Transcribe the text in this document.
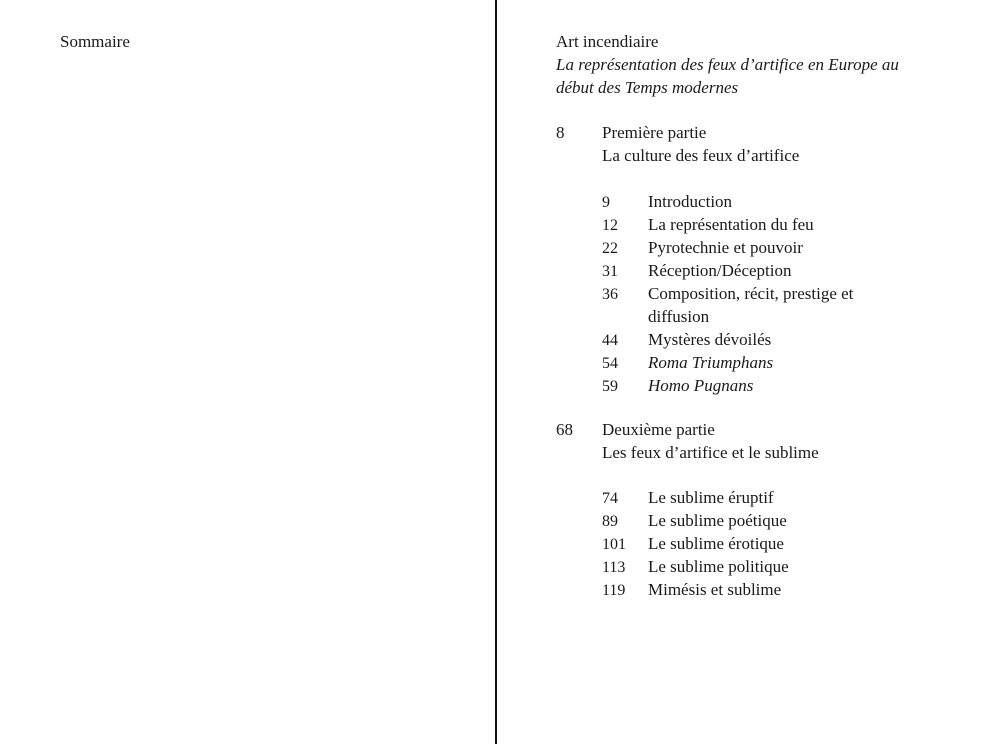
Sommaire	Art incendiaire
La représentation des feux d’artifice en Europe au début des Temps modernes
8 Première partie
La culture des feux d’artifice
9 Introduction
12 La représentation du feu
22 Pyrotechnie et pouvoir
31 Réception/Déception
36 Composition, récit, prestige et diffusion
44 Mystères dévoilés
54 Roma Triumphans
59 Homo Pugnans
68 Deuxième partie
Les feux d’artifice et le sublime
74 Le sublime éruptif
89 Le sublime poétique
101 Le sublime érotique
113 Le sublime politique
119 Mimésis et sublime
